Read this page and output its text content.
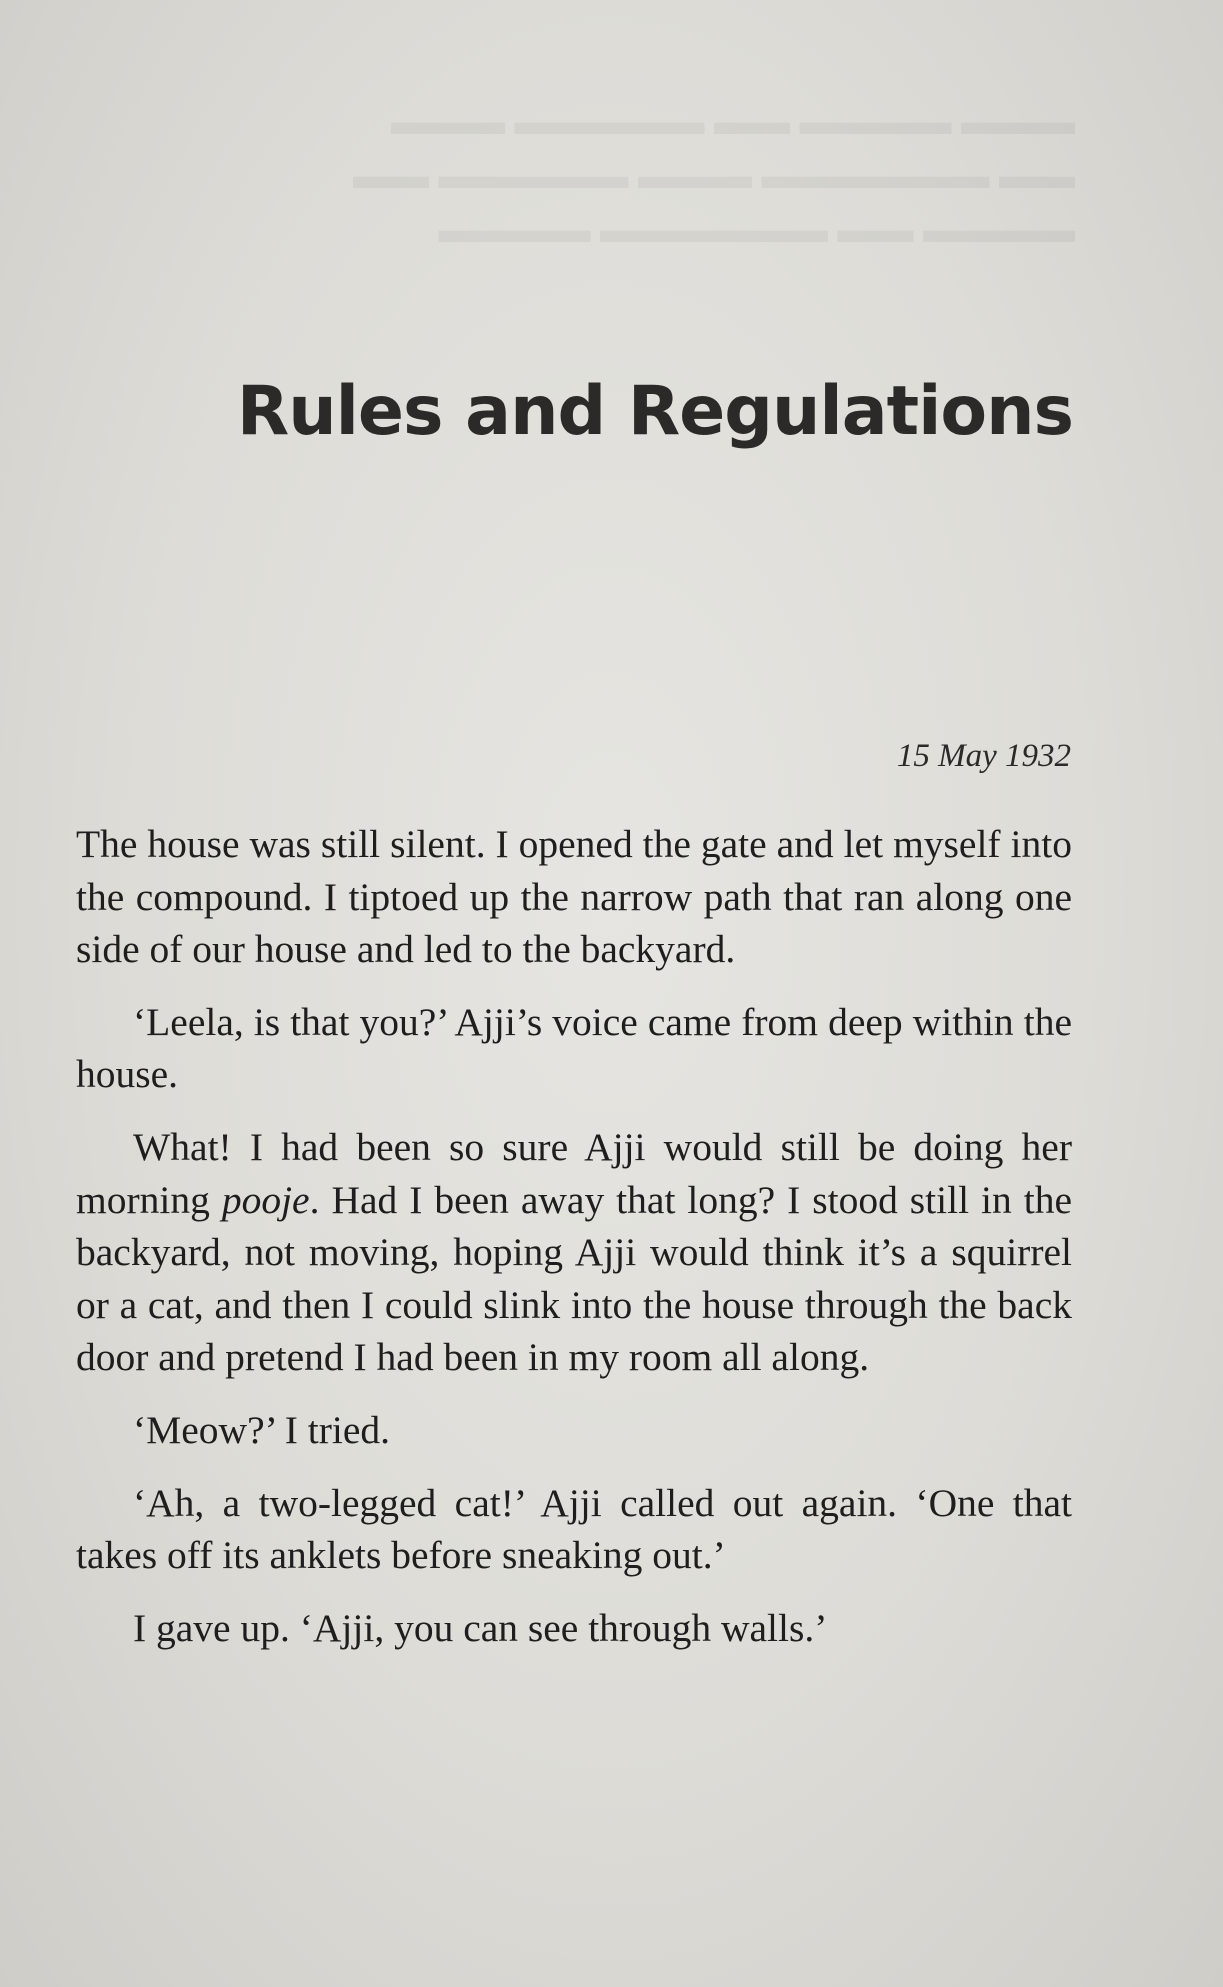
Rules and Regulations
15 May 1932

The house was still silent. I opened the gate and let myself into the compound. I tiptoed up the narrow path that ran along one side of our house and led to the backyard.

‘Leela, is that you?’ Ajji’s voice came from deep within the house.

What! I had been so sure Ajji would still be doing her morning pooje. Had I been away that long? I stood still in the backyard, not moving, hoping Ajji would think it’s a squirrel or a cat, and then I could slink into the house through the back door and pretend I had been in my room all along.

‘Meow?’ I tried.

‘Ah, a two-legged cat!’ Ajji called out again. ‘One that takes off its anklets before sneaking out.’

I gave up. ‘Ajji, you can see through walls.’
